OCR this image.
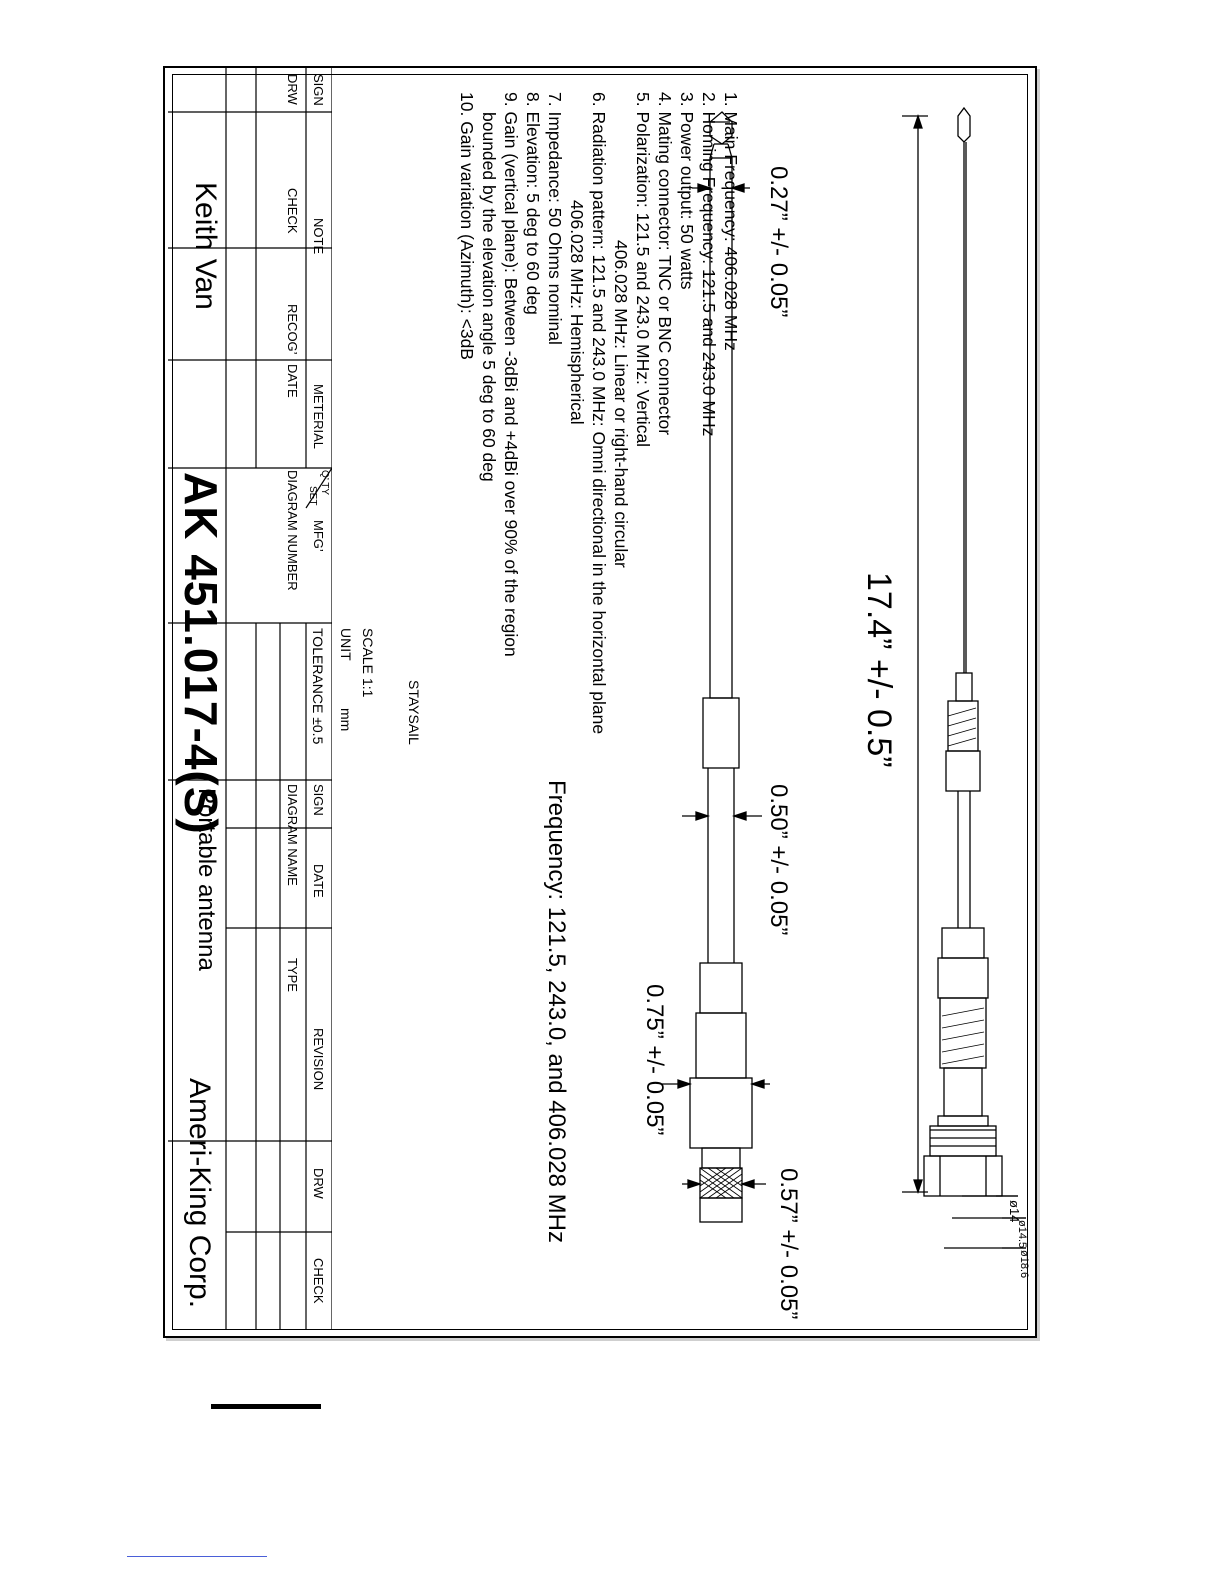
17.4” +/- 0.5”
0.27” +/- 0.05”
0.50” +/- 0.05”
0.75” +/- 0.05”
0.57” +/- 0.05”
Frequency: 121.5, 243.0, and 406.028 MHz	ø14
ø14.5
ø18.6
1. Main Frequency: 406.028 MHz
2. Homing Frequency: 121.5 and 243.0 MHz
3. Power output: 50 watts
4. Mating connector: TNC or BNC connector
5. Polarization: 121.5 and 243.0 MHz: Vertical
406.028 MHz: Linear or right-hand circular
6. Radiation pattern: 121.5 and 243.0 MHz: Omni directional in the horizontal plane
406.028 MHz: Hemispherical
7. Impedance: 50 Ohms nominal
8. Elevation: 5 deg to 60 deg
9. Gain (vertical plane): Between -3dBi and +4dBi over 90% of the region
bounded by the elevation angle 5 deg to 60 deg
10. Gain variation (Azimuth): <3dB
SIGN
DRW
NOTE
CHECK
RECOG’
METERIAL
DATE
Q’ TY
SET
MFG’
DIAGRAM NUMBER
Keith Van
AK 451.017-4(S)	STAYSAIL
SCALE
1:1
UNIT
mm
TOLERANCE ±0.5
SIGN
DIAGRAM NAME DATE
Portable antenna
TYPE
REVISION
DRW
CHECK
Ameri-King Corp.
